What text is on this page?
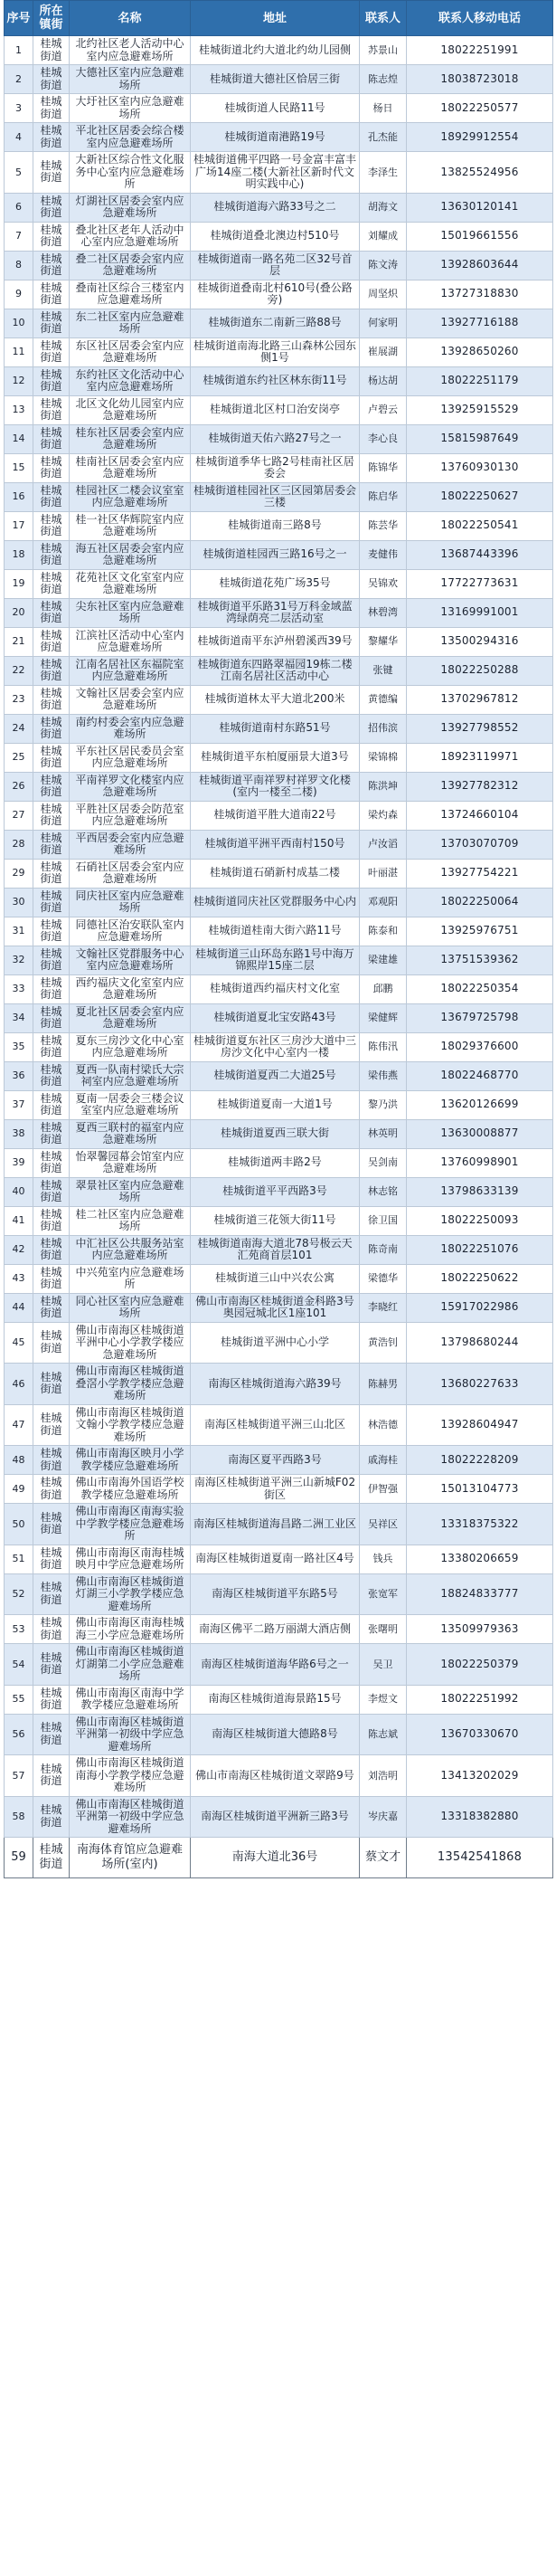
序号	所在镇街	名称	地址	联系人	联系人移动电话
1	桂城街道	北约社区老人活动中心室内应急避难场所	桂城街道北约大道北约幼儿园侧	苏景山	18022251991
2	桂城街道	大德社区室内应急避难场所	桂城街道大德社区恰居三街	陈志煌	18038723018
3	桂城街道	大圩社区室内应急避难场所	桂城街道人民路11号	杨日	18022250577
4	桂城街道	平北社区居委会综合楼室内应急避难场所	桂城街道南港路19号	孔杰能	18929912554
5	桂城街道	大新社区综合性文化服务中心室内应急避难场所	桂城街道佛平四路一号金富丰富丰广场14座二楼(大新社区新时代文明实践中心)	李泽生	13825524956
6	桂城街道	灯湖社区居委会室内应急避难场所	桂城街道海六路33号之二	胡海文	13630120141
7	桂城街道	叠北社区老年人活动中心室内应急避难场所	桂城街道叠北澳边村510号	刘耀成	15019661556
8	桂城街道	叠二社区居委会室内应急避难场所	桂城街道南一路名苑二区32号首层	陈文涛	13928603644
9	桂城街道	叠南社区综合三楼室内应急避难场所	桂城街道叠南北村610号(叠公路旁)	周坚炽	13727318830
10	桂城街道	东二社区室内应急避难场所	桂城街道东二南新三路88号	何家明	13927716188
11	桂城街道	东区社区居委会室内应急避难场所	桂城街道南海北路三山森林公园东侧1号	崔展湖	13928650260
12	桂城街道	东约社区文化活动中心室内应急避难场所	桂城街道东约社区林东街11号	杨达胡	18022251179
13	桂城街道	北区文化幼儿园室内应急避难场所	桂城街道北区村口治安岗亭	卢碧云	13925915529
14	桂城街道	桂东社区居委会室内应急避难场所	桂城街道天佑六路27号之一	李心良	15815987649
15	桂城街道	桂南社区居委会室内应急避难场所	桂城街道季华七路2号桂南社区居委会	陈锦华	13760930130
16	桂城街道	桂园社区二楼会议室室内应急避难场所	桂城街道桂园社区三区园第居委会三楼	陈启华	18022250627
17	桂城街道	桂一社区华辉院室内应急避难场所	桂城街道南三路8号	陈芸华	18022250541
18	桂城街道	海五社区居委会室内应急避难场所	桂城街道桂园西三路16号之一	麦健伟	13687443396
19	桂城街道	花苑社区文化室室内应急避难场所	桂城街道花苑广场35号	吴锦欢	17722773631
20	桂城街道	尖东社区室内应急避难场所	桂城街道平乐路31号万科金域蓝湾绿荫亮二层活动室	林碧湾	13169991001
21	桂城街道	江滨社区活动中心室内应急避难场所	桂城街道南平东泸州碧溪西39号	黎耀华	13500294316
22	桂城街道	江南名居社区东福院室内应急避难场所	桂城街道东四路翠福园19栋二楼江南名居社区活动中心	张键	18022250288
23	桂城街道	文翰社区居委会室内应急避难场所	桂城街道林太平大道北200米	黄德编	13702967812
24	桂城街道	南约村委会室内应急避难场所	桂城街道南村东路51号	招伟滨	13927798552
25	桂城街道	平东社区居民委员会室内应急避难场所	桂城街道平东柏厦丽景大道3号	梁锦棉	18923119971
26	桂城街道	平南祥罗文化楼室内应急避难场所	桂城街道平南祥罗村祥罗文化楼(室内一楼至二楼)	陈洪坤	13927782312
27	桂城街道	平胜社区居委会防范室内应急避难场所	桂城街道平胜大道南22号	梁灼森	13724660104
28	桂城街道	平西居委会室内应急避难场所	桂城街道平洲平西南村150号	卢汝滔	13703070709
29	桂城街道	石硝社区居委会室内应急避难场所	桂城街道石硝新村成基二楼	叶丽湛	13927754221
30	桂城街道	同庆社区室内应急避难场所	桂城街道同庆社区党群服务中心内	邓观阳	18022250064
31	桂城街道	同德社区治安联队室内应急避难场所	桂城街道桂南大街六路11号	陈泰和	13925976751
32	桂城街道	文翰社区党群服务中心室内应急避难场所	桂城街道三山环岛东路1号中海万锦熙岸15座二层	梁建雄	13751539362
33	桂城街道	西约福庆文化室室内应急避难场所	桂城街道西约福庆村文化室	邱鹏	18022250354
34	桂城街道	夏北社区居委会室内应急避难场所	桂城街道夏北宝安路43号	梁健辉	13679725798
35	桂城街道	夏东三房沙文化中心室内应急避难场所	桂城街道夏东社区三房沙大道中三房沙文化中心室内一楼	陈伟汛	18029376600
36	桂城街道	夏西一队南村梁氏大宗祠室内应急避难场所	桂城街道夏西二大道25号	梁伟燕	18022468770
37	桂城街道	夏南一居委会三楼会议室室内应急避难场所	桂城街道夏南一大道1号	黎乃洪	13620126699
38	桂城街道	夏西三联村的福室内应急避难场所	桂城街道夏西三联大街	林英明	13630008877
39	桂城街道	怡翠馨园幕会馆室内应急避难场所	桂城街道两丰路2号	吴剑南	13760998901
40	桂城街道	翠景社区室内应急避难场所	桂城街道平平西路3号	林志铭	13798633139
41	桂城街道	桂二社区室内应急避难场所	桂城街道三花领大街11号	徐卫国	18022250093
42	桂城街道	中汇社区公共服务站室内应急避难场所	桂城街道南海大道北78号极云天汇苑商首层101	陈奇南	18022251076
43	桂城街道	中兴苑室内应急避难场所	桂城街道三山中兴农公寓	梁德华	18022250622
44	桂城街道	同心社区室内应急避难场所	佛山市南海区桂城街道金科路3号奥园冠城北区1座101	李晓红	15917022986
45	桂城街道	佛山市南海区桂城街道平洲中心小学教学楼应急避难场所	桂城街道平洲中心小学	黄浩钊	13798680244
46	桂城街道	佛山市南海区桂城街道叠滘小学教学楼应急避难场所	南海区桂城街道海六路39号	陈赫男	13680227633
47	桂城街道	佛山市南海区桂城街道文翰小学教学楼应急避难场所	南海区桂城街道平洲三山北区	林浩德	13928604947
48	桂城街道	佛山市南海区映月小学教学楼应急避难场所	南海区夏平西路3号	戚海桂	18022228209
49	桂城街道	佛山市南海外国语学校教学楼应急避难场所	南海区桂城街道平洲三山新城F02街区	伊智强	15013104773
50	桂城街道	佛山市南海区南海实验中学教学楼应急避难场所	南海区桂城街道海昌路二洲工业区	吴祥区	13318375322
51	桂城街道	佛山市南海区南海桂城映月中学应急避难场所	南海区桂城街道夏南一路社区4号	钱兵	13380206659
52	桂城街道	佛山市南海区桂城街道灯湖三小学教学楼应急避难场所	南海区桂城街道平东路5号	张宽军	18824833777
53	桂城街道	佛山市南海区南海桂城海三小学应急避难场所	南海区佛平二路万丽湖大酒店侧	张曙明	13509979363
54	桂城街道	佛山市南海区桂城街道灯湖第二小学应急避难场所	南海区桂城街道海华路6号之一	吴卫	18022250379
55	桂城街道	佛山市南海区南海中学教学楼应急避难场所	南海区桂城街道海景路15号	李煜文	18022251992
56	桂城街道	佛山市南海区桂城街道平洲第一初级中学应急避难场所	南海区桂城街道大德路8号	陈志斌	13670330670
57	桂城街道	佛山市南海区桂城街道南海小学教学楼应急避难场所	佛山市南海区桂城街道文翠路9号	刘浩明	13413202029
58	桂城街道	佛山市南海区桂城街道平洲第一初级中学应急避难场所	南海区桂城街道平洲新三路3号	岑庆嘉	13318382880
59	桂城街道	南海体育馆应急避难场所(室内)	南海大道北36号	蔡文才	13542541868
